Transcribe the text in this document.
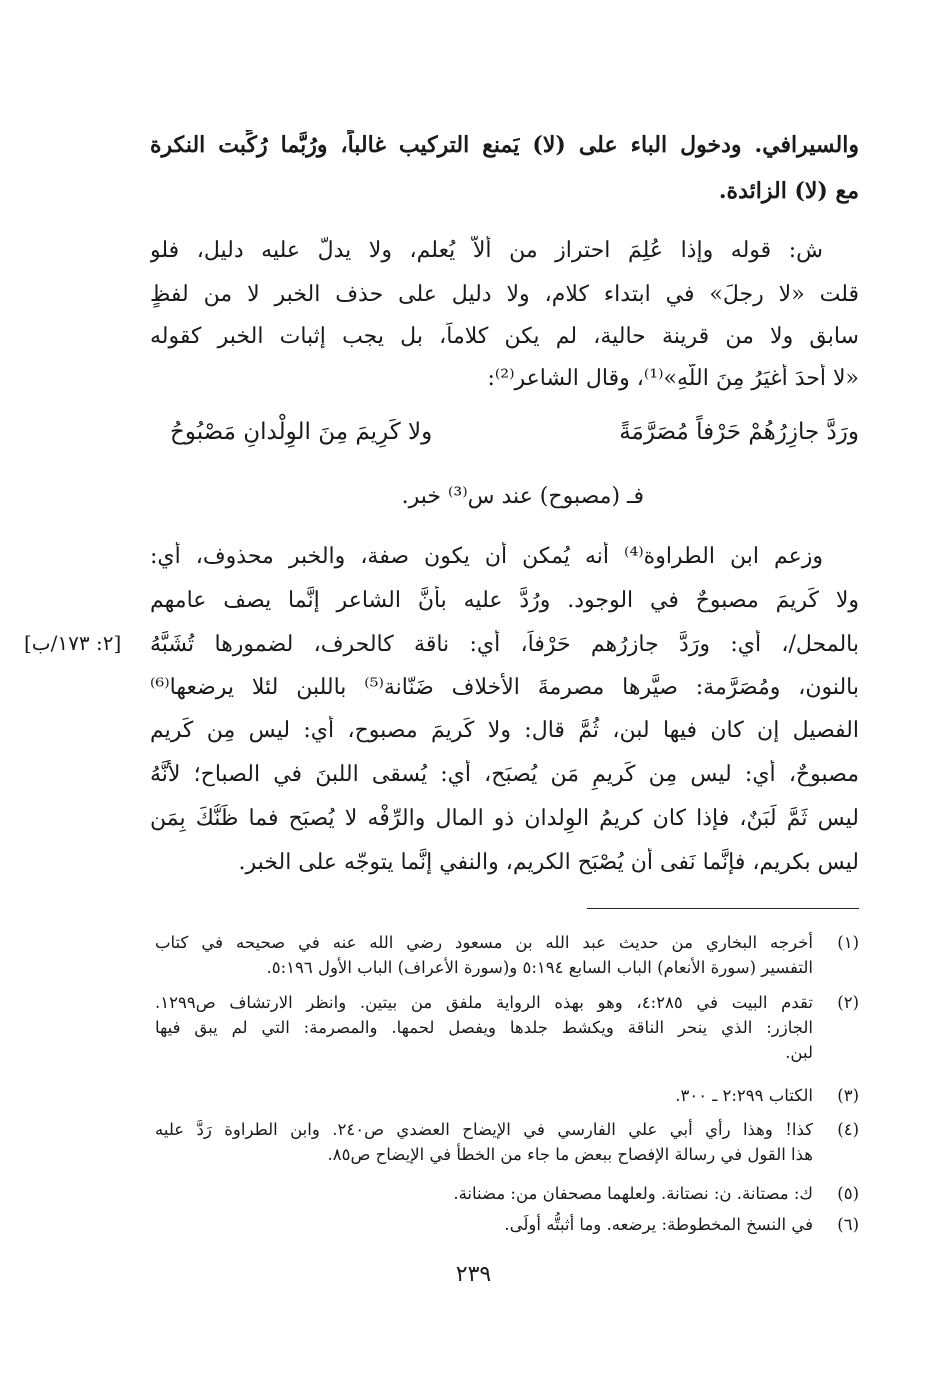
والسيرافي. ودخول الباء على (لا) يَمنع التركيب غالباً، ورُبَّما رُكِّبت النكرة
مع (لا) الزائدة.
ش: قوله وإذا عُلِمَ احتراز من ألاّ يُعلم، ولا يدلّ عليه دليل، فلو
قلت «لا رجلَ» في ابتداء كلام، ولا دليل على حذف الخبر لا من لفظٍ
سابق ولا من قرينة حالية، لم يكن كلاماً، بل يجب إثبات الخبر كقوله
«لا أحدَ أغيَرُ مِنَ اللّهِ»⁽¹⁾، وقال الشاعر⁽²⁾:
ورَدَّ جازِرُهُمْ حَرْفاً مُصَرَّمَةً
ولا كَرِيمَ مِنَ الوِلْدانِ مَصْبُوحُ
فـ (مصبوح) عند س⁽³⁾ خبر.
وزعم ابن الطراوة⁽⁴⁾ أنه يُمكن أن يكون صفة، والخبر محذوف، أي:
ولا كَريمَ مصبوحٌ في الوجود. ورُدَّ عليه بأنَّ الشاعر إنَّما يصف عامهم
بالمحل/، أي: ورَدَّ جازرُهم حَرْفاً، أي: ناقة كالحرف، لضمورها تُشَبَّهُ
بالنون، ومُصَرَّمة: صيَّرها مصرمةَ الأخلاف ضَنّانة⁽⁵⁾ باللبن لئلا يرضعها⁽⁶⁾
الفصيل إن كان فيها لبن، ثُمَّ قال: ولا كَريمَ مصبوح، أي: ليس مِن كَريم
مصبوحٌ، أي: ليس مِن كَريمٍ مَن يُصبَح، أي: يُسقى اللبنَ في الصباح؛ لأنَّهُ
ليس ثَمَّ لَبَنٌ، فإذا كان كريمُ الوِلدان ذو المال والرِّفْه لا يُصبَح فما ظَنُّكَ بِمَن
ليس بكريم، فإنَّما نَفى أن يُصْبَح الكريم، والنفي إنَّما يتوجّه على الخبر.
[٢: ١٧٣/ب]
(١)
أخرجه البخاري من حديث عبد الله بن مسعود رضي الله عنه في صحيحه في كتاب
التفسير (سورة الأنعام) الباب السابع ٥:١٩٤ و(سورة الأعراف) الباب الأول ٥:١٩٦.
(٢)
تقدم البيت في ٤:٢٨٥، وهو بهذه الرواية ملفق من بيتين. وانظر الارتشاف ص١٢٩٩.
الجازر: الذي ينحر الناقة ويكشط جلدها ويفصل لحمها. والمصرمة: التي لم يبق فيها
لبن.
(٣)
الكتاب ٢:٢٩٩ ـ ٣٠٠.
(٤)
كذا! وهذا رأي أبي علي الفارسي في الإيضاح العضدي ص٢٤٠. وابن الطراوة رَدَّ عليه
هذا القول في رسالة الإفصاح ببعض ما جاء من الخطأ في الإيضاح ص٨٥.
(٥)
ك: مصتانة. ن: نصتانة. ولعلهما مصحفان من: مضنانة.
(٦)
في النسخ المخطوطة: يرضعه. وما أثبتُّه أولَى.
٢٣٩
